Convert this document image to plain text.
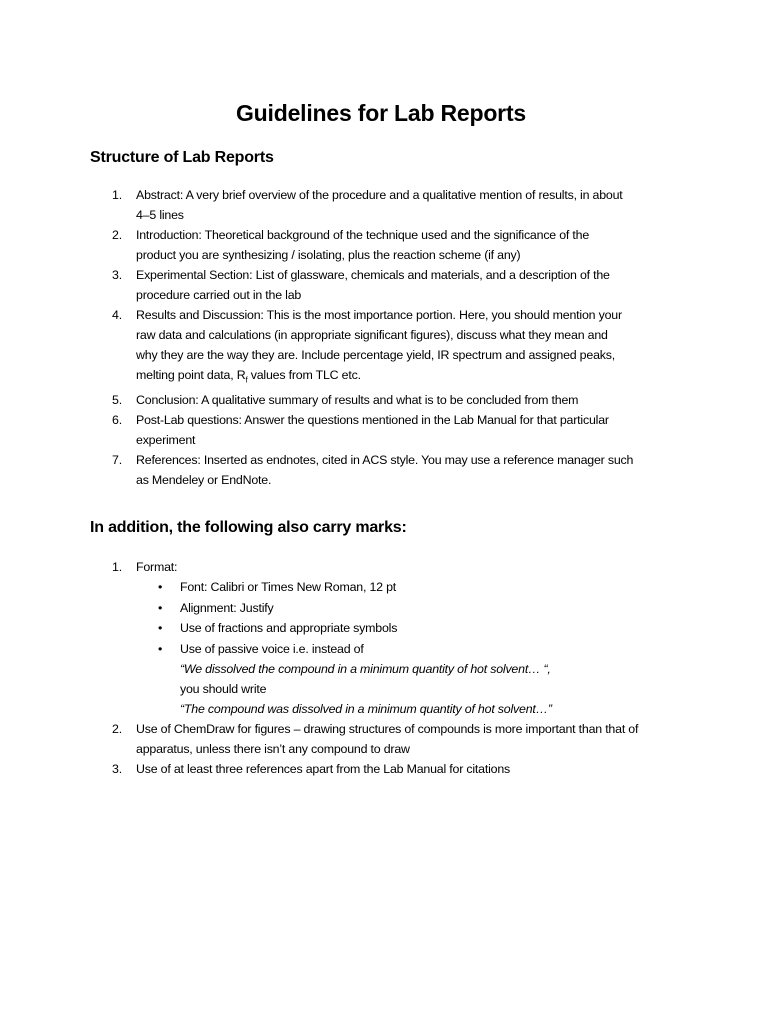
Guidelines for Lab Reports
Structure of Lab Reports
1. Abstract: A very brief overview of the procedure and a qualitative mention of results, in about
4–5 lines
2. Introduction: Theoretical background of the technique used and the significance of the
product you are synthesizing / isolating, plus the reaction scheme (if any)
3. Experimental Section: List of glassware, chemicals and materials, and a description of the
procedure carried out in the lab
4. Results and Discussion: This is the most importance portion. Here, you should mention your
raw data and calculations (in appropriate significant figures), discuss what they mean and
why they are the way they are. Include percentage yield, IR spectrum and assigned peaks,
melting point data, $R_f$ values from TLC etc.
5. Conclusion: A qualitative summary of results and what is to be concluded from them
6. Post-Lab questions: Answer the questions mentioned in the Lab Manual for that particular
experiment
7. References: Inserted as endnotes, cited in ACS style. You may use a reference manager such
as Mendeley or EndNote.
In addition, the following also carry marks:
1. Format:
• Font: Calibri or Times New Roman, 12 pt
• Alignment: Justify
• Use of fractions and appropriate symbols
• Use of passive voice i.e. instead of
“We dissolved the compound in a minimum quantity of hot solvent… “,
you should write
“The compound was dissolved in a minimum quantity of hot solvent…”
2. Use of ChemDraw for figures – drawing structures of compounds is more important than that of
apparatus, unless there isn’t any compound to draw
3. Use of at least three references apart from the Lab Manual for citations
